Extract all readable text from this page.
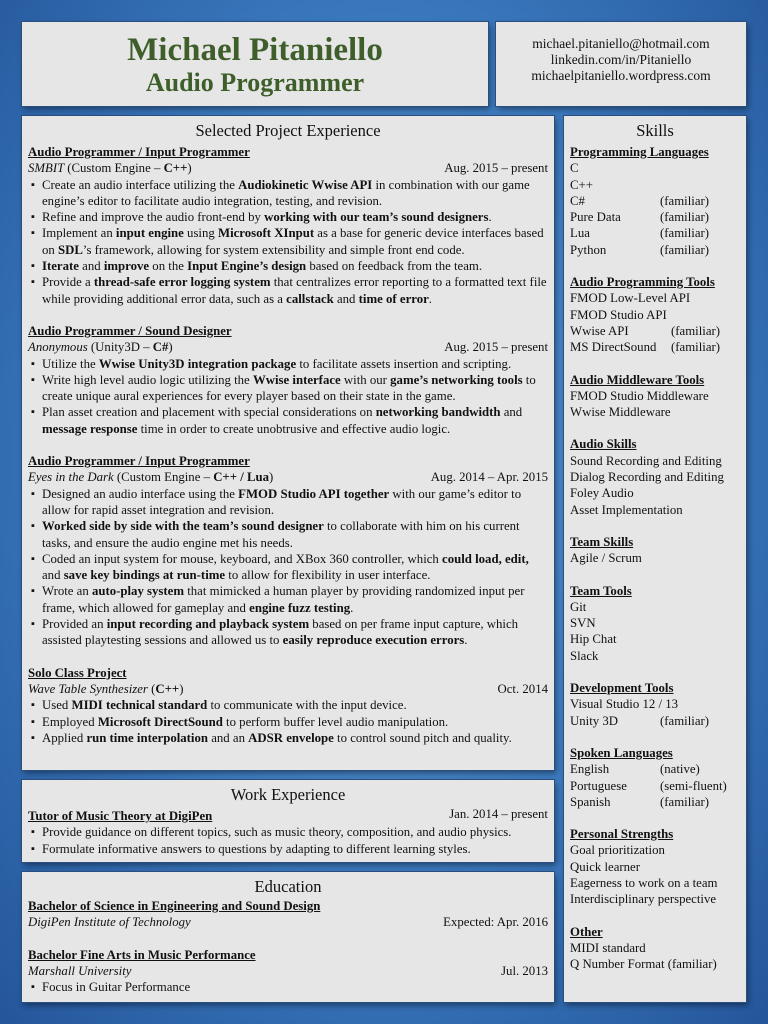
Michael Pitaniello
Audio Programmer
michael.pitaniello@hotmail.com
linkedin.com/in/Pitaniello
michaelpitaniello.wordpress.com
Selected Project Experience
Audio Programmer / Input Programmer
SMBIT (Custom Engine – C++)	Aug. 2015 – present
▪ Create an audio interface utilizing the Audiokinetic Wwise API in combination with our game engine’s editor to facilitate audio integration, testing, and revision.
▪ Refine and improve the audio front-end by working with our team’s sound designers.
▪ Implement an input engine using Microsoft XInput as a base for generic device interfaces based on SDL’s framework, allowing for system extensibility and simple front end code.
▪ Iterate and improve on the Input Engine’s design based on feedback from the team.
▪ Provide a thread-safe error logging system that centralizes error reporting to a formatted text file while providing additional error data, such as a callstack and time of error.
Audio Programmer / Sound Designer
Anonymous (Unity3D – C#)	Aug. 2015 – present
▪ Utilize the Wwise Unity3D integration package to facilitate assets insertion and scripting.
▪ Write high level audio logic utilizing the Wwise interface with our game’s networking tools to create unique aural experiences for every player based on their state in the game.
▪ Plan asset creation and placement with special considerations on networking bandwidth and message response time in order to create unobtrusive and effective audio logic.
Audio Programmer / Input Programmer
Eyes in the Dark (Custom Engine – C++ / Lua)	Aug. 2014 – Apr. 2015
▪ Designed an audio interface using the FMOD Studio API together with our game’s editor to allow for rapid asset integration and revision.
▪ Worked side by side with the team’s sound designer to collaborate with him on his current tasks, and ensure the audio engine met his needs.
▪ Coded an input system for mouse, keyboard, and XBox 360 controller, which could load, edit, and save key bindings at run-time to allow for flexibility in user interface.
▪ Wrote an auto-play system that mimicked a human player by providing randomized input per frame, which allowed for gameplay and engine fuzz testing.
▪ Provided an input recording and playback system based on per frame input capture, which assisted playtesting sessions and allowed us to easily reproduce execution errors.
Solo Class Project
Wave Table Synthesizer (C++)	Oct. 2014
▪ Used MIDI technical standard to communicate with the input device.
▪ Employed Microsoft DirectSound to perform buffer level audio manipulation.
▪ Applied run time interpolation and an ADSR envelope to control sound pitch and quality.
Work Experience
Tutor of Music Theory at DigiPen	Jan. 2014 – present
▪ Provide guidance on different topics, such as music theory, composition, and audio physics.
▪ Formulate informative answers to questions by adapting to different learning styles.
Education
Bachelor of Science in Engineering and Sound Design
DigiPen Institute of Technology	Expected: Apr. 2016
Bachelor Fine Arts in Music Performance
Marshall University	Jul. 2013
▪ Focus in Guitar Performance
Skills
Programming Languages
C
C++
C#	(familiar)
Pure Data	(familiar)
Lua	(familiar)
Python	(familiar)
Audio Programming Tools
FMOD Low-Level API
FMOD Studio API
Wwise API	(familiar)
MS DirectSound	(familiar)
Audio Middleware Tools
FMOD Studio Middleware
Wwise Middleware
Audio Skills
Sound Recording and Editing
Dialog Recording and Editing
Foley Audio
Asset Implementation
Team Skills
Agile / Scrum
Team Tools
Git
SVN
Hip Chat
Slack
Development Tools
Visual Studio 12 / 13
Unity 3D	(familiar)
Spoken Languages
English	(native)
Portuguese	(semi-fluent)
Spanish	(familiar)
Personal Strengths
Goal prioritization
Quick learner
Eagerness to work on a team
Interdisciplinary perspective
Other
MIDI standard
Q Number Format (familiar)
